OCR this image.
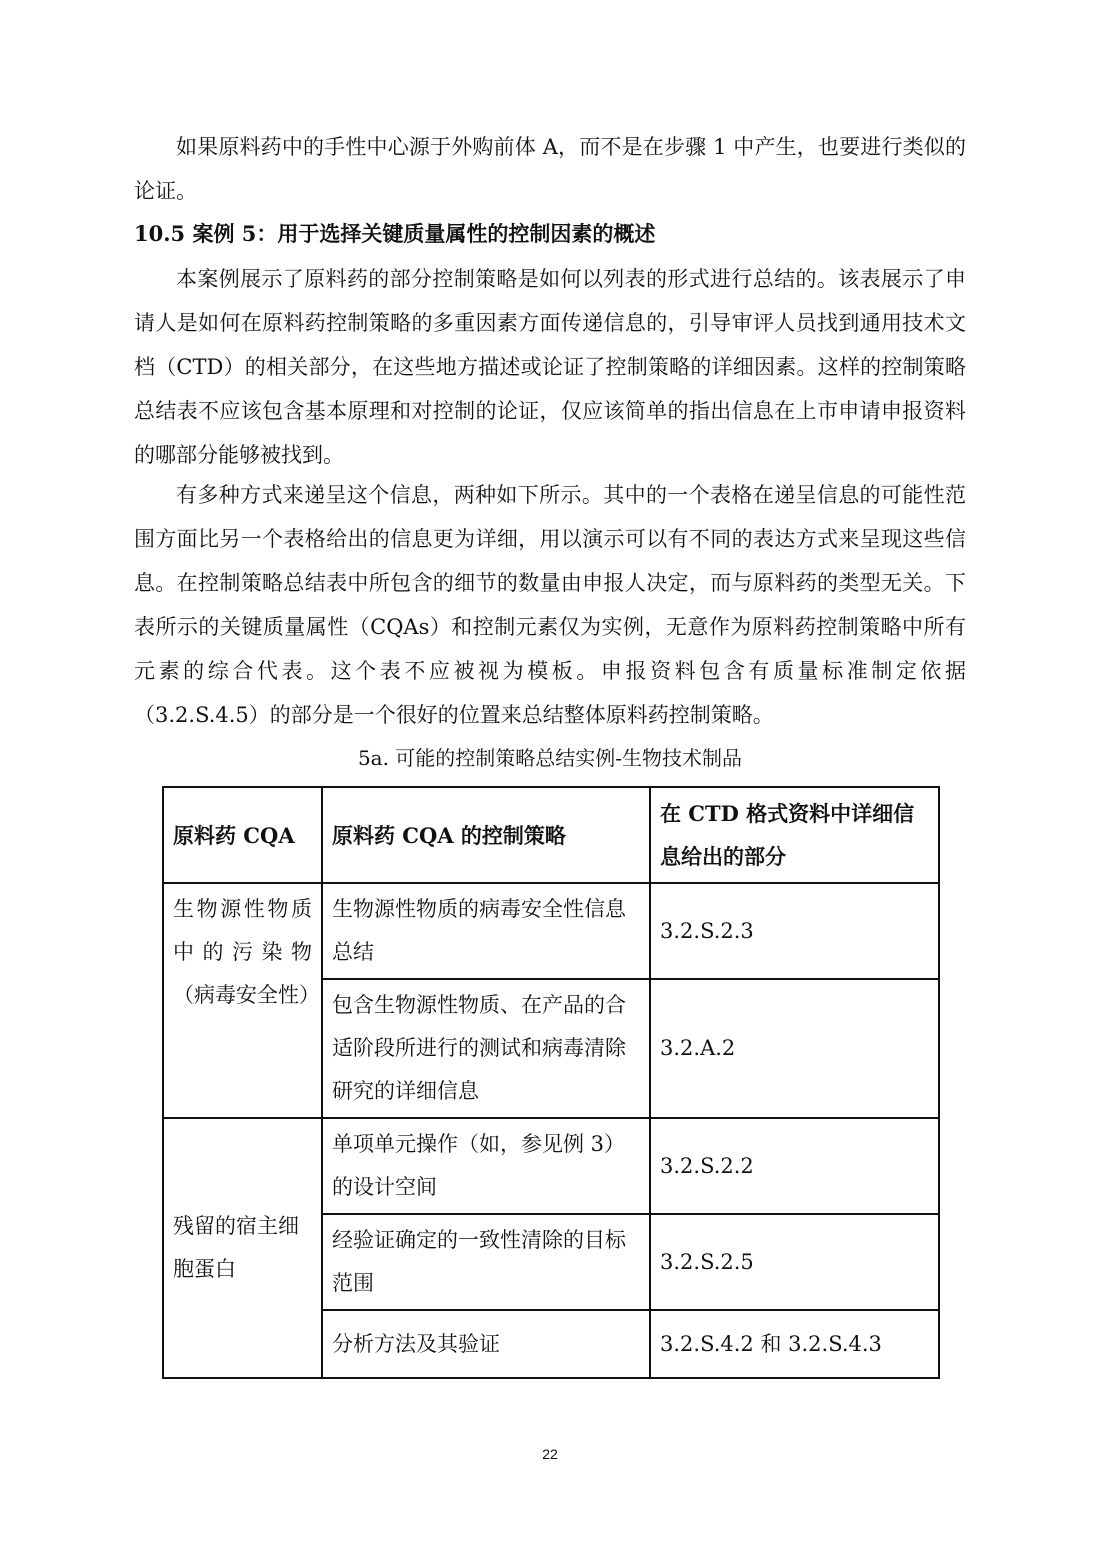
如果原料药中的手性中心源于外购前体 A，而不是在步骤 1 中产生，也要进行类似的论证。

10.5 案例 5：用于选择关键质量属性的控制因素的概述

本案例展示了原料药的部分控制策略是如何以列表的形式进行总结的。该表展示了申请人是如何在原料药控制策略的多重因素方面传递信息的，引导审评人员找到通用技术文档（CTD）的相关部分，在这些地方描述或论证了控制策略的详细因素。这样的控制策略总结表不应该包含基本原理和对控制的论证，仅应该简单的指出信息在上市申请申报资料的哪部分能够被找到。

有多种方式来递呈这个信息，两种如下所示。其中的一个表格在递呈信息的可能性范围方面比另一个表格给出的信息更为详细，用以演示可以有不同的表达方式来呈现这些信息。在控制策略总结表中所包含的细节的数量由申报人决定，而与原料药的类型无关。下表所示的关键质量属性（CQAs）和控制元素仅为实例，无意作为原料药控制策略中所有元素的综合代表。这个表不应被视为模板。申报资料包含有质量标准制定依据（3.2.S.4.5）的部分是一个很好的位置来总结整体原料药控制策略。

5a. 可能的控制策略总结实例-生物技术制品

原料药 CQA	原料药 CQA 的控制策略	在 CTD 格式资料中详细信息给出的部分
生物源性物质中的污染物（病毒安全性）	生物源性物质的病毒安全性信息总结	3.2.S.2.3
	包含生物源性物质、在产品的合适阶段所进行的测试和病毒清除研究的详细信息	3.2.A.2
残留的宿主细胞蛋白	单项单元操作（如，参见例 3）的设计空间	3.2.S.2.2
	经验证确定的一致性清除的目标范围	3.2.S.2.5
	分析方法及其验证	3.2.S.4.2 和 3.2.S.4.3
22
